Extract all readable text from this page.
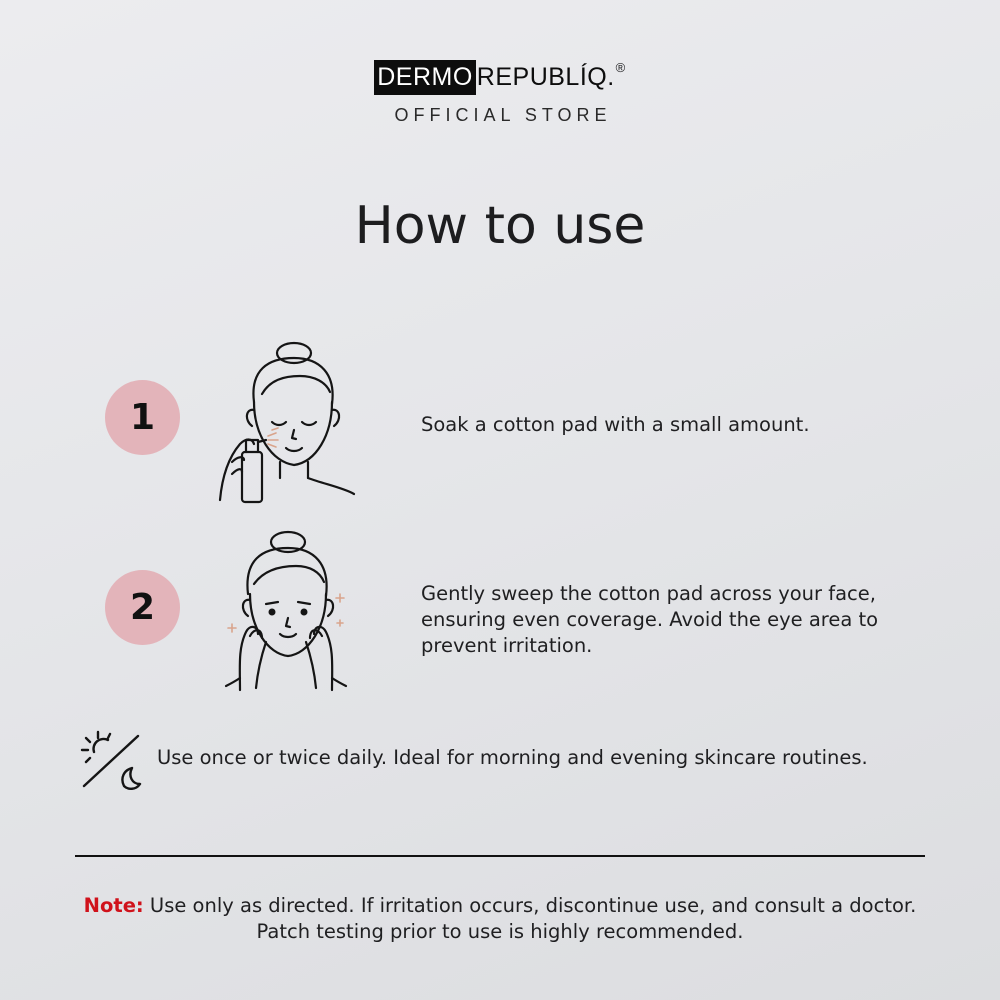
DERMO REPUBLÍQ. ®
OFFICIAL STORE
How to use
1	Soak a cotton pad with a small amount.

2	Gently sweep the cotton pad across your face, ensuring even coverage. Avoid the eye area to prevent irritation.

Use once or twice daily. Ideal for morning and evening skincare routines.

Note: Use only as directed. If irritation occurs, discontinue use, and consult a doctor.
Patch testing prior to use is highly recommended.
